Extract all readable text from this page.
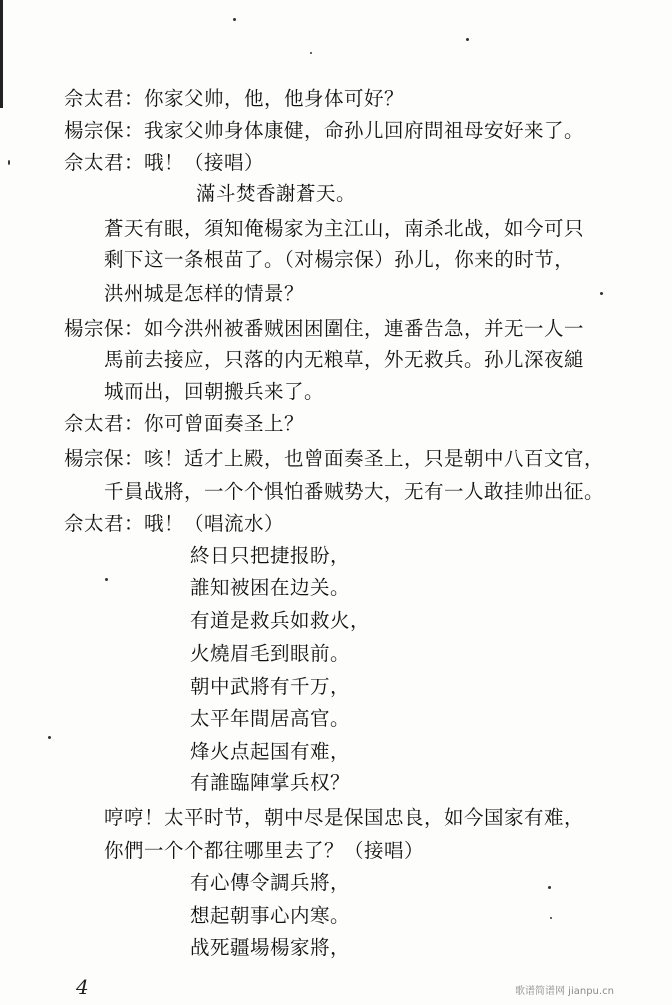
佘太君：你家父帅，他，他身体可好？
楊宗保：我家父帅身体康健，命孙儿回府問祖母安好来了。
佘太君：哦！（接唱）
滿斗焚香謝蒼天。
蒼天有眼，須知俺楊家为主江山，南杀北战，如今可只
剩下这一条根苗了。（对楊宗保）孙儿，你来的时节，
洪州城是怎样的情景？
楊宗保：如今洪州被番贼困困圍住，連番告急，并无一人一
馬前去接应，只落的内无粮草，外无救兵。孙儿深夜縋
城而出，回朝搬兵来了。
佘太君：你可曾面奏圣上？
楊宗保：咳！适才上殿，也曾面奏圣上，只是朝中八百文官，
千員战將，一个个惧怕番贼势大，无有一人敢挂帅出征。
佘太君：哦！（唱流水）
終日只把捷报盼，
誰知被困在边关。
有道是救兵如救火，
火燒眉毛到眼前。
朝中武將有千万，
太平年間居高官。
烽火点起国有难，
有誰臨陣掌兵权？
哼哼！太平时节，朝中尽是保国忠良，如今国家有难，
你們一个个都往哪里去了？（接唱）
有心傳令調兵將，
想起朝事心内寒。
战死疆場楊家將，
4	歌谱简谱网 jianpu.cn
